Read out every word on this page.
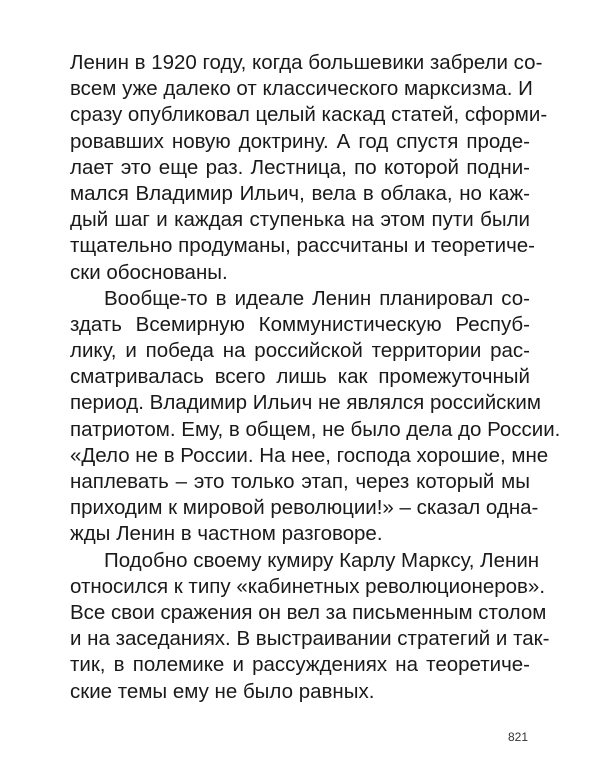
Ленин в 1920 году, когда большевики забрели со-
всем уже далеко от классического марксизма. И
сразу опубликовал целый каскад статей, сформи-
ровавших новую доктрину. А год спустя проде-
лает это еще раз. Лестница, по которой подни-
мался Владимир Ильич, вела в облака, но каж-
дый шаг и каждая ступенька на этом пути были
тщательно продуманы, рассчитаны и теоретиче-
ски обоснованы.
Вообще-то в идеале Ленин планировал со-
здать Всемирную Коммунистическую Респуб-
лику, и победа на российской территории рас-
сматривалась всего лишь как промежуточный
период. Владимир Ильич не являлся российским
патриотом. Ему, в общем, не было дела до России.
«Дело не в России. На нее, господа хорошие, мне
наплевать – это только этап, через который мы
приходим к мировой революции!» – сказал одна-
жды Ленин в частном разговоре.
Подобно своему кумиру Карлу Марксу, Ленин
относился к типу «кабинетных революционеров».
Все свои сражения он вел за письменным столом
и на заседаниях. В выстраивании стратегий и так-
тик, в полемике и рассуждениях на теоретиче-
ские темы ему не было равных.
821
